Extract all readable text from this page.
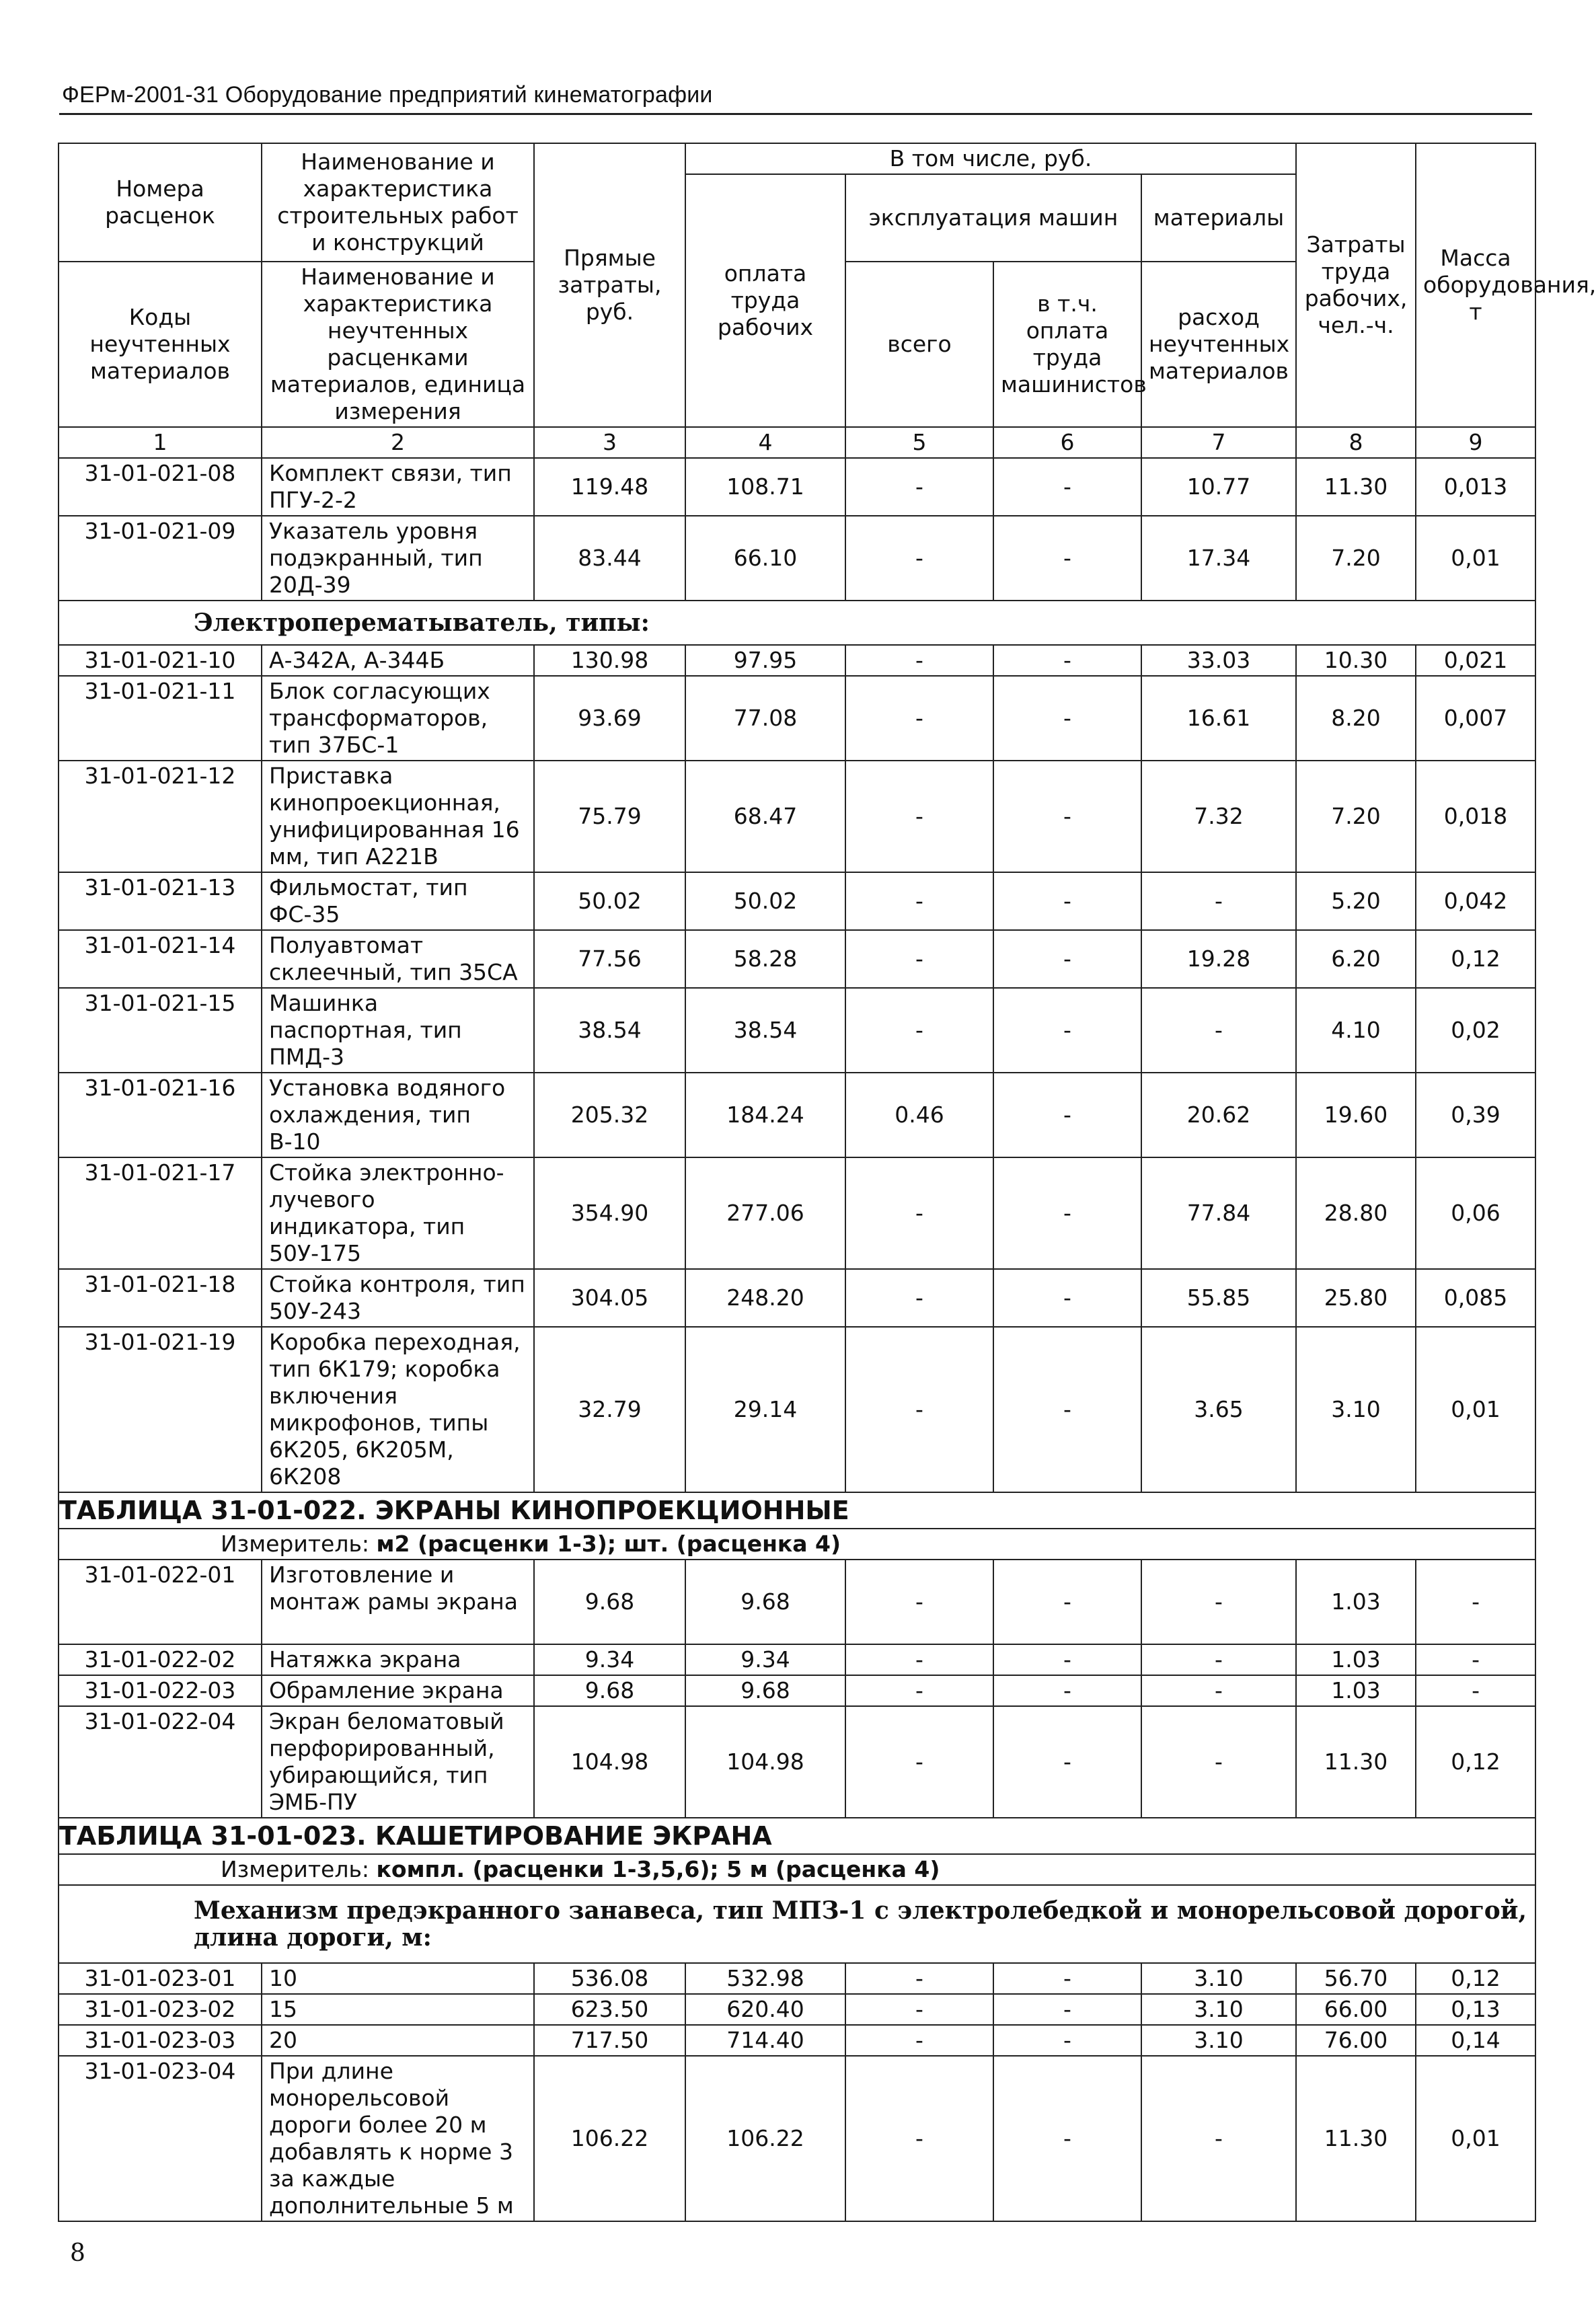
ФЕРм-2001-31 Оборудование предприятий кинематографии
Номера расценок	Наименование и характеристика строительных работ и конструкций	Прямые затраты, руб.	В том числе, руб.				Затраты труда рабочих, чел.-ч.	Масса оборудования, т
			оплата труда рабочих	эксплуатация машин		материалы		
Коды неучтенных материалов	Наименование и характеристика неучтенных расценками материалов, единица измерения			всего	в т.ч. оплата труда машинистов	расход неучтенных материалов		

1	2	3	4	5	6	7	8	9
31-01-021-08	Комплект связи, тип ПГУ-2-2	119.48	108.71	-	-	10.77	11.30	0,013
31-01-021-09	Указатель уровня подэкранный, тип 20Д-39	83.44	66.10	-	-	17.34	7.20	0,01
Электроперематыватель, типы:								
31-01-021-10	А-342А, А-344Б	130.98	97.95	-	-	33.03	10.30	0,021
31-01-021-11	Блок согласующих трансформаторов, тип 37БС-1	93.69	77.08	-	-	16.61	8.20	0,007
31-01-021-12	Приставка кинопроекционная, унифицированная 16 мм, тип А221В	75.79	68.47	-	-	7.32	7.20	0,018
31-01-021-13	Фильмостат, тип ФС-35	50.02	50.02	-	-	-	5.20	0,042
31-01-021-14	Полуавтомат склеечный, тип 35СА	77.56	58.28	-	-	19.28	6.20	0,12
31-01-021-15	Машинка паспортная, тип ПМД-3	38.54	38.54	-	-	-	4.10	0,02
31-01-021-16	Установка водяного охлаждения, тип В-10	205.32	184.24	0.46	-	20.62	19.60	0,39
31-01-021-17	Стойка электронно-лучевого индикатора, тип 50У-175	354.90	277.06	-	-	77.84	28.80	0,06
31-01-021-18	Стойка контроля, тип 50У-243	304.05	248.20	-	-	55.85	25.80	0,085
31-01-021-19	Коробка переходная, тип 6К179; коробка включения микрофонов, типы 6К205, 6К205М, 6К208	32.79	29.14	-	-	3.65	3.10	0,01
ТАБЛИЦА 31-01-022. ЭКРАНЫ КИНОПРОЕКЦИОННЫЕ								
Измеритель: м2 (расценки 1-3); шт. (расценка 4)								
31-01-022-01	Изготовление и монтаж рамы экрана	9.68	9.68	-	-	-	1.03	-
31-01-022-02	Натяжка экрана	9.34	9.34	-	-	-	1.03	-
31-01-022-03	Обрамление экрана	9.68	9.68	-	-	-	1.03	-
31-01-022-04	Экран беломатовый перфорированный, убирающийся, тип ЭМБ-ПУ	104.98	104.98	-	-	-	11.30	0,12
ТАБЛИЦА 31-01-023. КАШЕТИРОВАНИЕ ЭКРАНА								
Измеритель: компл. (расценки 1-3,5,6); 5 м (расценка 4)								
Механизм предэкранного занавеса, тип МПЗ-1 с электролебедкой и монорельсовой дорогой, длина дороги, м:								
31-01-023-01	10	536.08	532.98	-	-	3.10	56.70	0,12
31-01-023-02	15	623.50	620.40	-	-	3.10	66.00	0,13
31-01-023-03	20	717.50	714.40	-	-	3.10	76.00	0,14
31-01-023-04	При длине монорельсовой дороги более 20 м добавлять к норме 3 за каждые дополнительные 5 м	106.22	106.22	-	-	-	11.30	0,01
8
